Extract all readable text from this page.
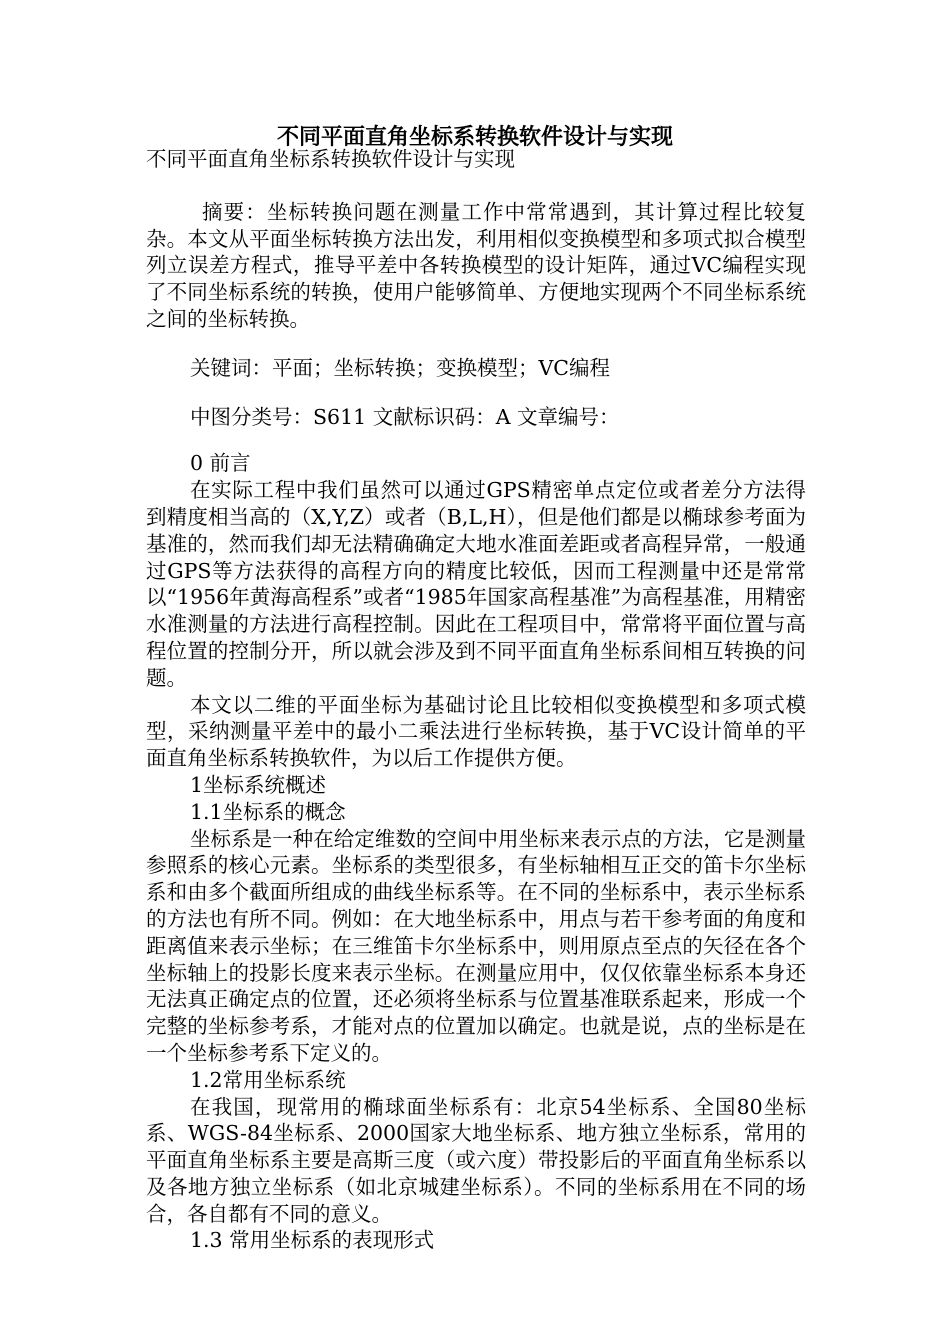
不同平面直角坐标系转换软件设计与实现

不同平面直角坐标系转换软件设计与实现

摘要：坐标转换问题在测量工作中常常遇到，其计算过程比较复杂。本文从平面坐标转换方法出发，利用相似变换模型和多项式拟合模型列立误差方程式，推导平差中各转换模型的设计矩阵，通过VC编程实现了不同坐标系统的转换，使用户能够简单、方便地实现两个不同坐标系统之间的坐标转换。

关键词：平面；坐标转换；变换模型；VC编程

中图分类号：S611 文献标识码：A 文章编号：

0 前言

在实际工程中我们虽然可以通过GPS精密单点定位或者差分方法得到精度相当高的（X,Y,Z）或者（B,L,H），但是他们都是以椭球参考面为基准的，然而我们却无法精确确定大地水准面差距或者高程异常，一般通过GPS等方法获得的高程方向的精度比较低，因而工程测量中还是常常以“1956年黄海高程系”或者“1985年国家高程基准”为高程基准，用精密水准测量的方法进行高程控制。因此在工程项目中，常常将平面位置与高程位置的控制分开，所以就会涉及到不同平面直角坐标系间相互转换的问题。

本文以二维的平面坐标为基础讨论且比较相似变换模型和多项式模型，采纳测量平差中的最小二乘法进行坐标转换，基于VC设计简单的平面直角坐标系转换软件，为以后工作提供方便。

1坐标系统概述

1.1坐标系的概念

坐标系是一种在给定维数的空间中用坐标来表示点的方法，它是测量参照系的核心元素。坐标系的类型很多，有坐标轴相互正交的笛卡尔坐标系和由多个截面所组成的曲线坐标系等。在不同的坐标系中，表示坐标系的方法也有所不同。例如：在大地坐标系中，用点与若干参考面的角度和距离值来表示坐标；在三维笛卡尔坐标系中，则用原点至点的矢径在各个坐标轴上的投影长度来表示坐标。在测量应用中，仅仅依靠坐标系本身还无法真正确定点的位置，还必须将坐标系与位置基准联系起来，形成一个完整的坐标参考系，才能对点的位置加以确定。也就是说，点的坐标是在一个坐标参考系下定义的。

1.2常用坐标系统

在我国，现常用的椭球面坐标系有：北京54坐标系、全国80坐标系、WGS-84坐标系、2000国家大地坐标系、地方独立坐标系，常用的平面直角坐标系主要是高斯三度（或六度）带投影后的平面直角坐标系以及各地方独立坐标系（如北京城建坐标系）。不同的坐标系用在不同的场合，各自都有不同的意义。

1.3 常用坐标系的表现形式
